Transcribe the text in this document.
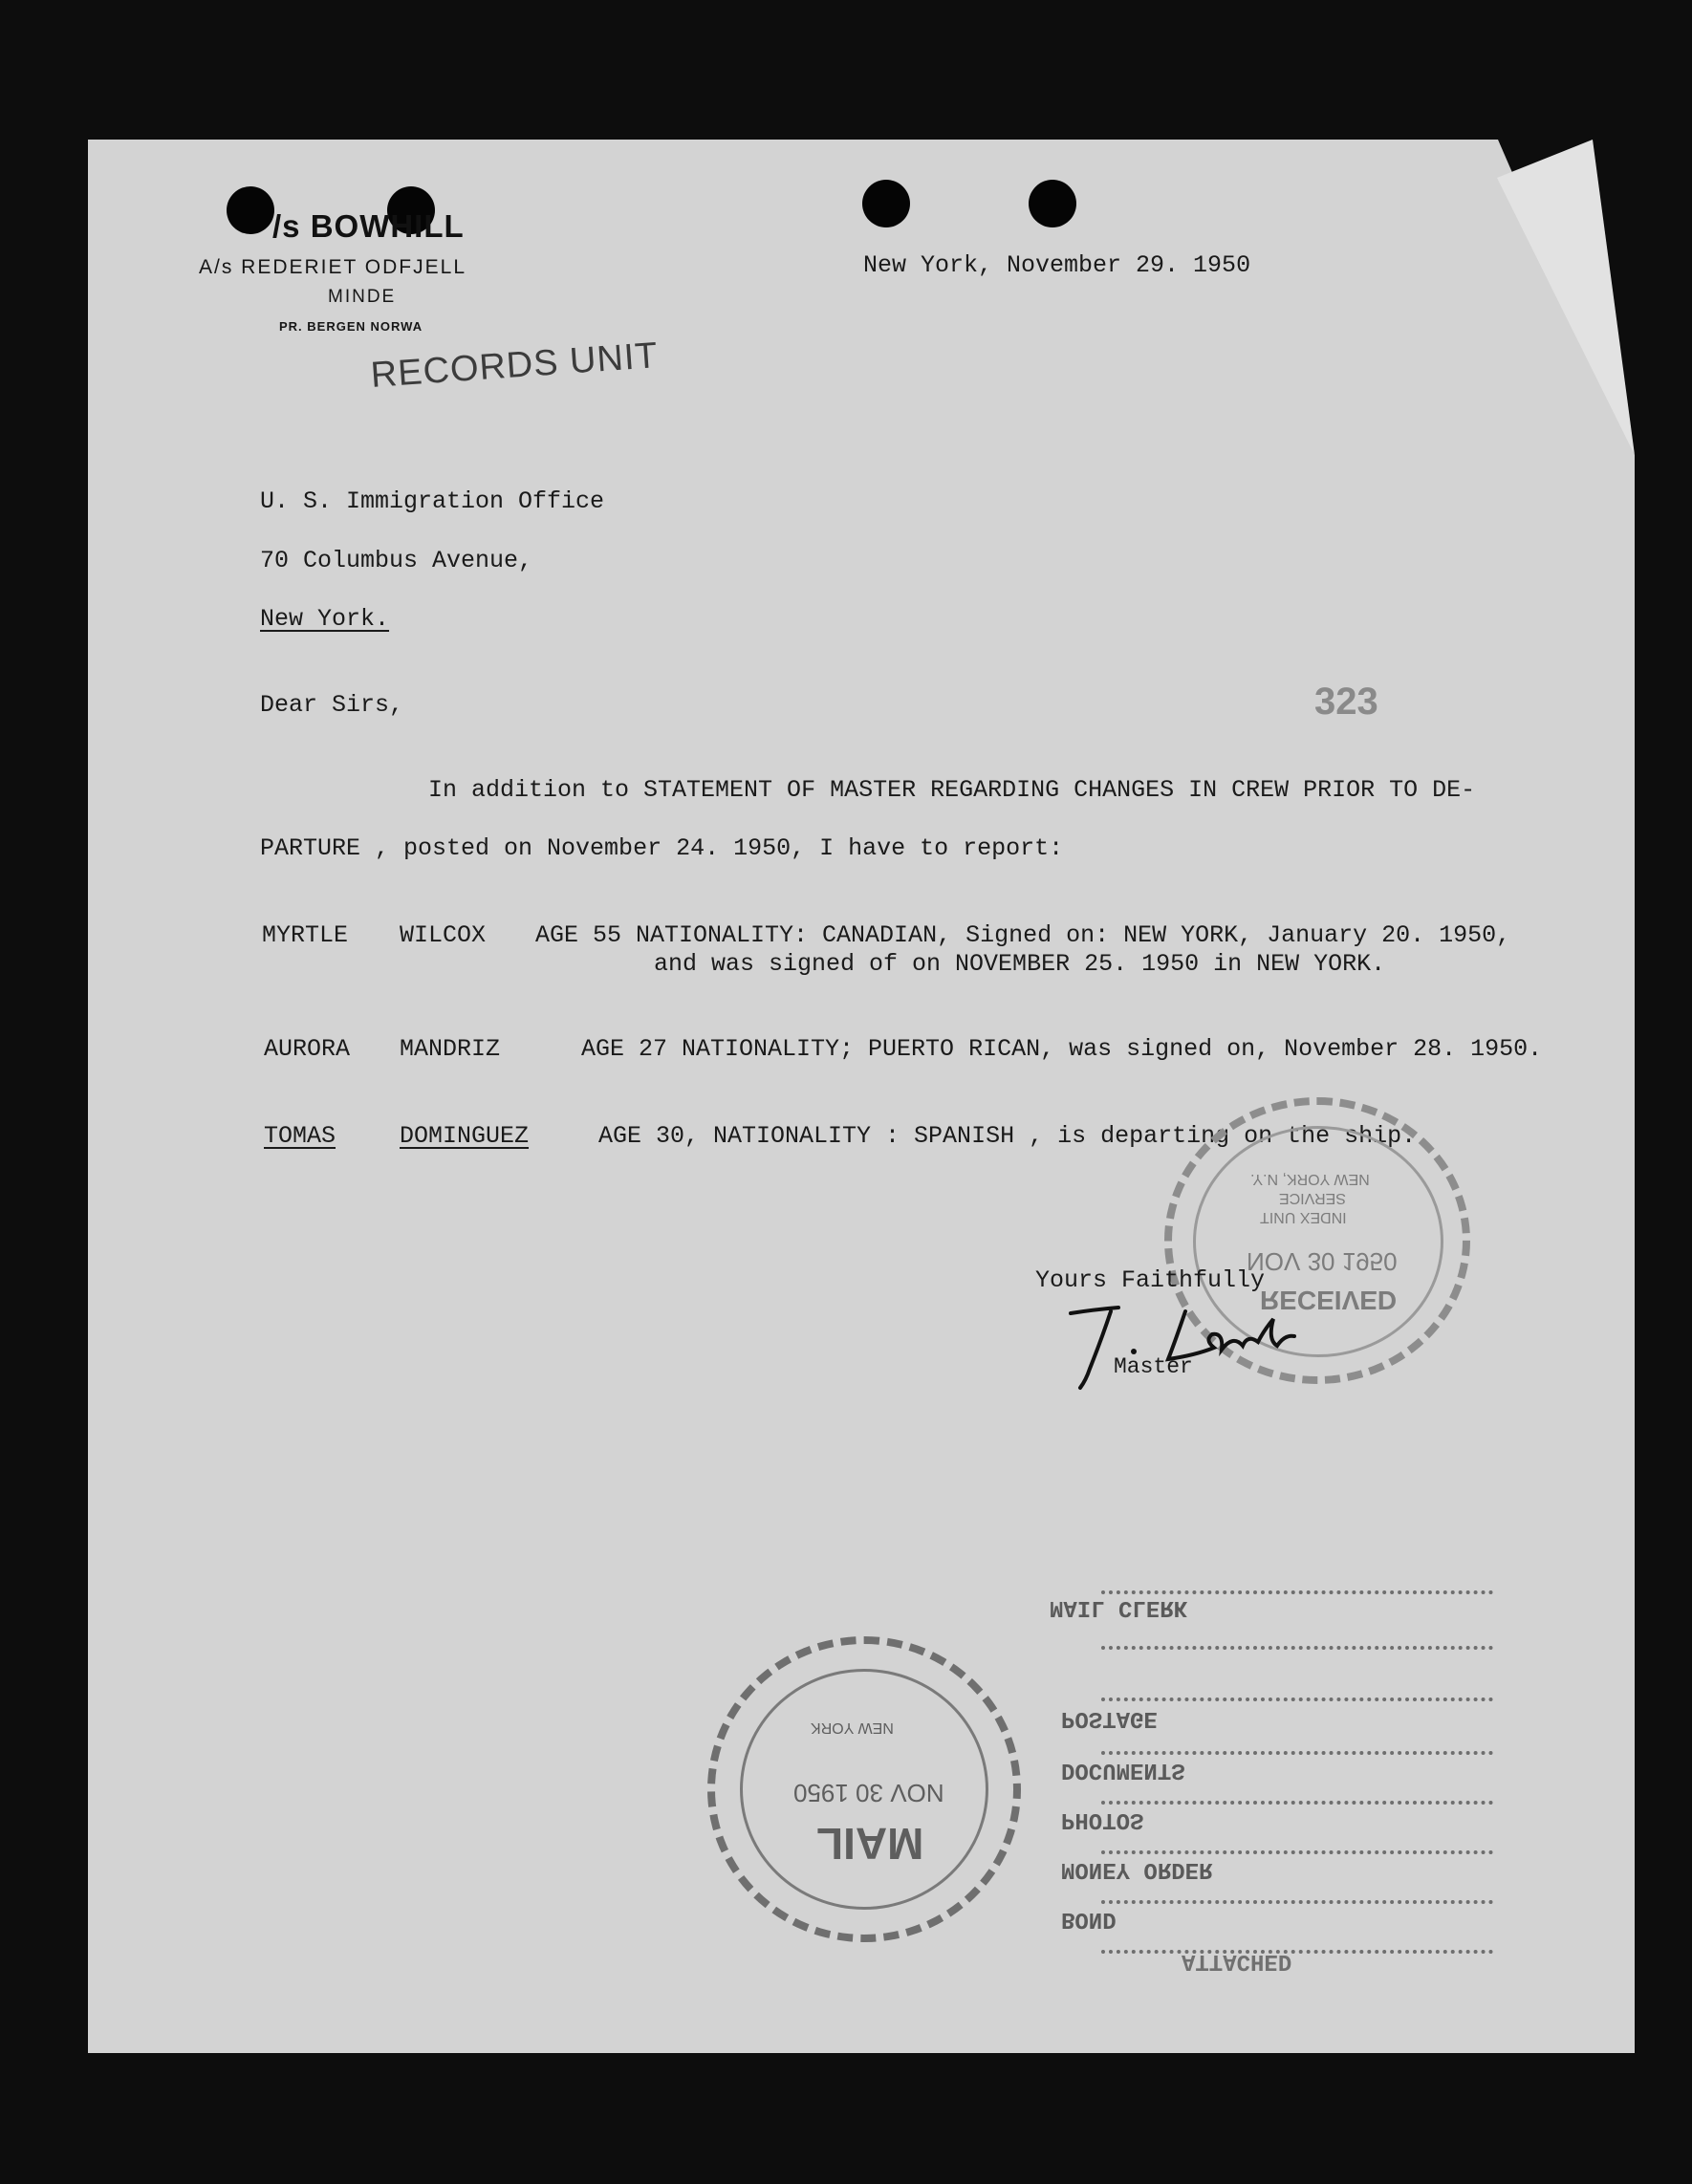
/s BOWHILL
A/s REDERIET ODFJELL
MINDE
PR. BERGEN NORWA
New York, November 29. 1950
RECORDS UNIT
U. S. Immigration Office
70 Columbus Avenue,
New York.
323
Dear Sirs,
In addition to STATEMENT OF MASTER REGARDING CHANGES IN CREW PRIOR TO DE-
PARTURE , posted on November 24. 1950, I have to report:
MYRTLE WILCOX AGE 55 NATIONALITY: CANADIAN, Signed on: NEW YORK, January 20. 1950,
and was signed of on NOVEMBER 25. 1950 in NEW YORK.
AURORA MANDRIZ	AGE 27 NATIONALITY; PUERTO RICAN, was signed on, November 28. 1950.
TOMAS	DOMINGUEZ	AGE 30, NATIONALITY : SPANISH , is departing on the ship.
NEW YORK, N.Y.
SERVICE
INDEX UNIT
NOV 30 1950
RECEIVED
Yours Faithfully
Master
NEW YORK
NOV 30 1950
MAIL
MAIL CLERK
POSTAGE
DOCUMENTS
PHOTOS
MONEY ORDER
BOND
ATTACHED
